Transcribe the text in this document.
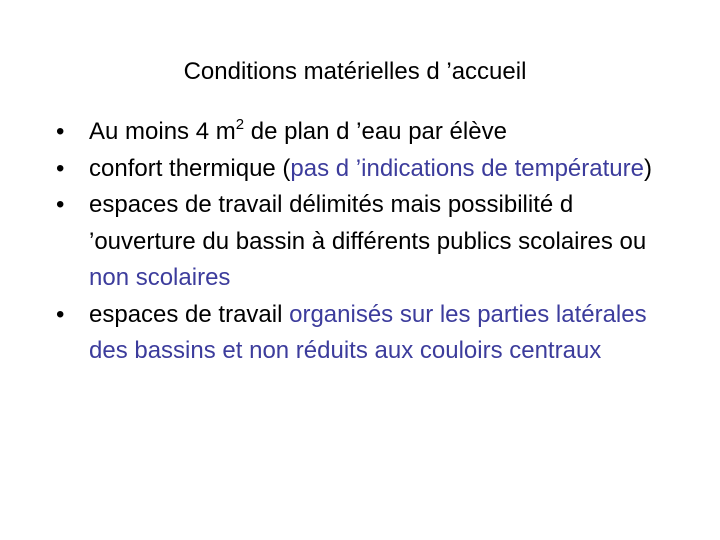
Conditions matérielles d ’accueil
• Au moins 4 $m^2$ de plan d ’eau par élève
• confort thermique (pas d ’indications de température)
• espaces de travail délimités mais possibilité d ’ouverture du bassin à différents publics scolaires ou non scolaires
• espaces de travail organisés sur les parties latérales des bassins et non réduits aux couloirs centraux
